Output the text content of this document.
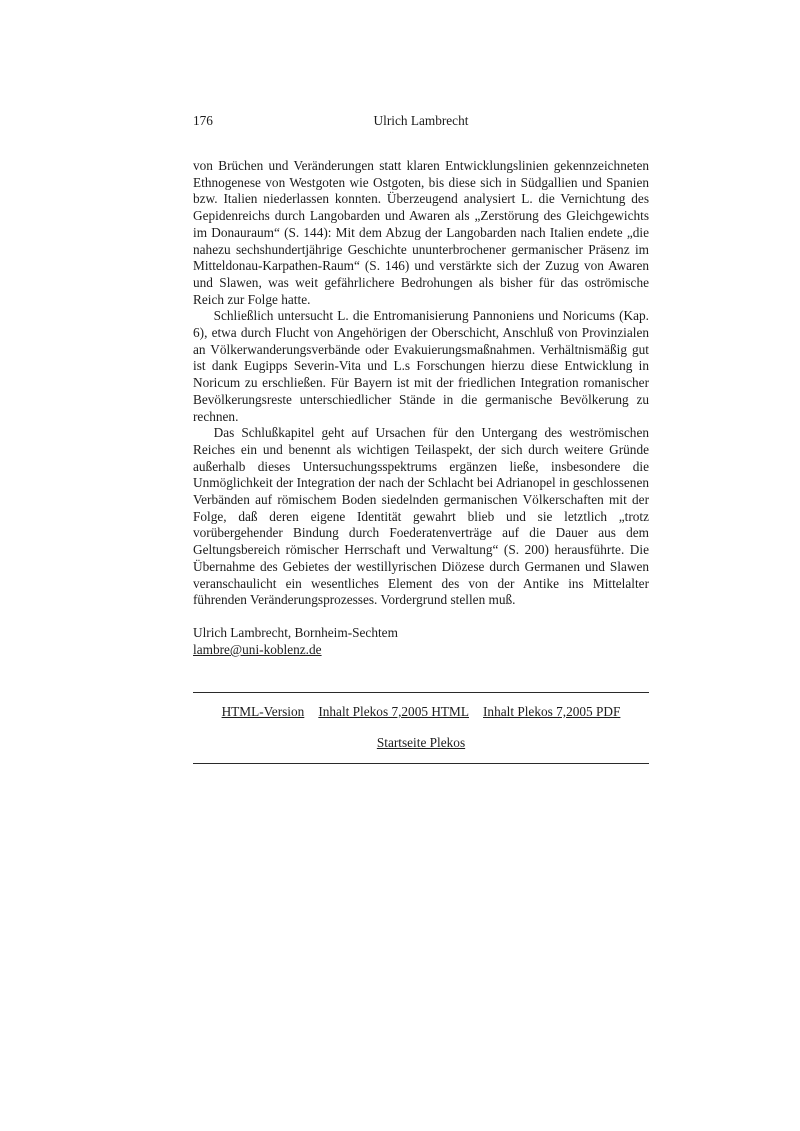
176	Ulrich Lambrecht

von Brüchen und Veränderungen statt klaren Entwicklungslinien gekennzeichneten Ethnogenese von Westgoten wie Ostgoten, bis diese sich in Südgallien und Spanien bzw. Italien niederlassen konnten. Überzeugend analysiert L. die Vernichtung des Gepidenreichs durch Langobarden und Awaren als „Zerstörung des Gleichgewichts im Donauraum“ (S. 144): Mit dem Abzug der Langobarden nach Italien endete „die nahezu sechshundertjährige Geschichte ununterbrochener germanischer Präsenz im Mitteldonau-Karpathen-Raum“ (S. 146) und verstärkte sich der Zuzug von Awaren und Slawen, was weit gefährlichere Bedrohungen als bisher für das oströmische Reich zur Folge hatte.

Schließlich untersucht L. die Entromanisierung Pannoniens und Noricums (Kap. 6), etwa durch Flucht von Angehörigen der Oberschicht, Anschluß von Provinzialen an Völkerwanderungsverbände oder Evakuierungsmaßnahmen. Verhältnismäßig gut ist dank Eugipps Severin-Vita und L.s Forschungen hierzu diese Entwicklung in Noricum zu erschließen. Für Bayern ist mit der friedlichen Integration romanischer Bevölkerungsreste unterschiedlicher Stände in die germanische Bevölkerung zu rechnen.

Das Schlußkapitel geht auf Ursachen für den Untergang des weströmischen Reiches ein und benennt als wichtigen Teilaspekt, der sich durch weitere Gründe außerhalb dieses Untersuchungsspektrums ergänzen ließe, insbesondere die Unmöglichkeit der Integration der nach der Schlacht bei Adrianopel in geschlossenen Verbänden auf römischem Boden siedelnden germanischen Völkerschaften mit der Folge, daß deren eigene Identität gewahrt blieb und sie letztlich „trotz vorübergehender Bindung durch Foederatenverträge auf die Dauer aus dem Geltungsbereich römischer Herrschaft und Verwaltung“ (S. 200) herausführte. Die Übernahme des Gebietes der westillyrischen Diözese durch Germanen und Slawen veranschaulicht ein wesentliches Element des von der Antike ins Mittelalter führenden Veränderungsprozesses. Vordergrund stellen muß.

Ulrich Lambrecht, Bornheim-Sechtem
lambre@uni-koblenz.de
HTML-Version Inhalt Plekos 7,2005 HTML Inhalt Plekos 7,2005 PDF
Startseite Plekos
